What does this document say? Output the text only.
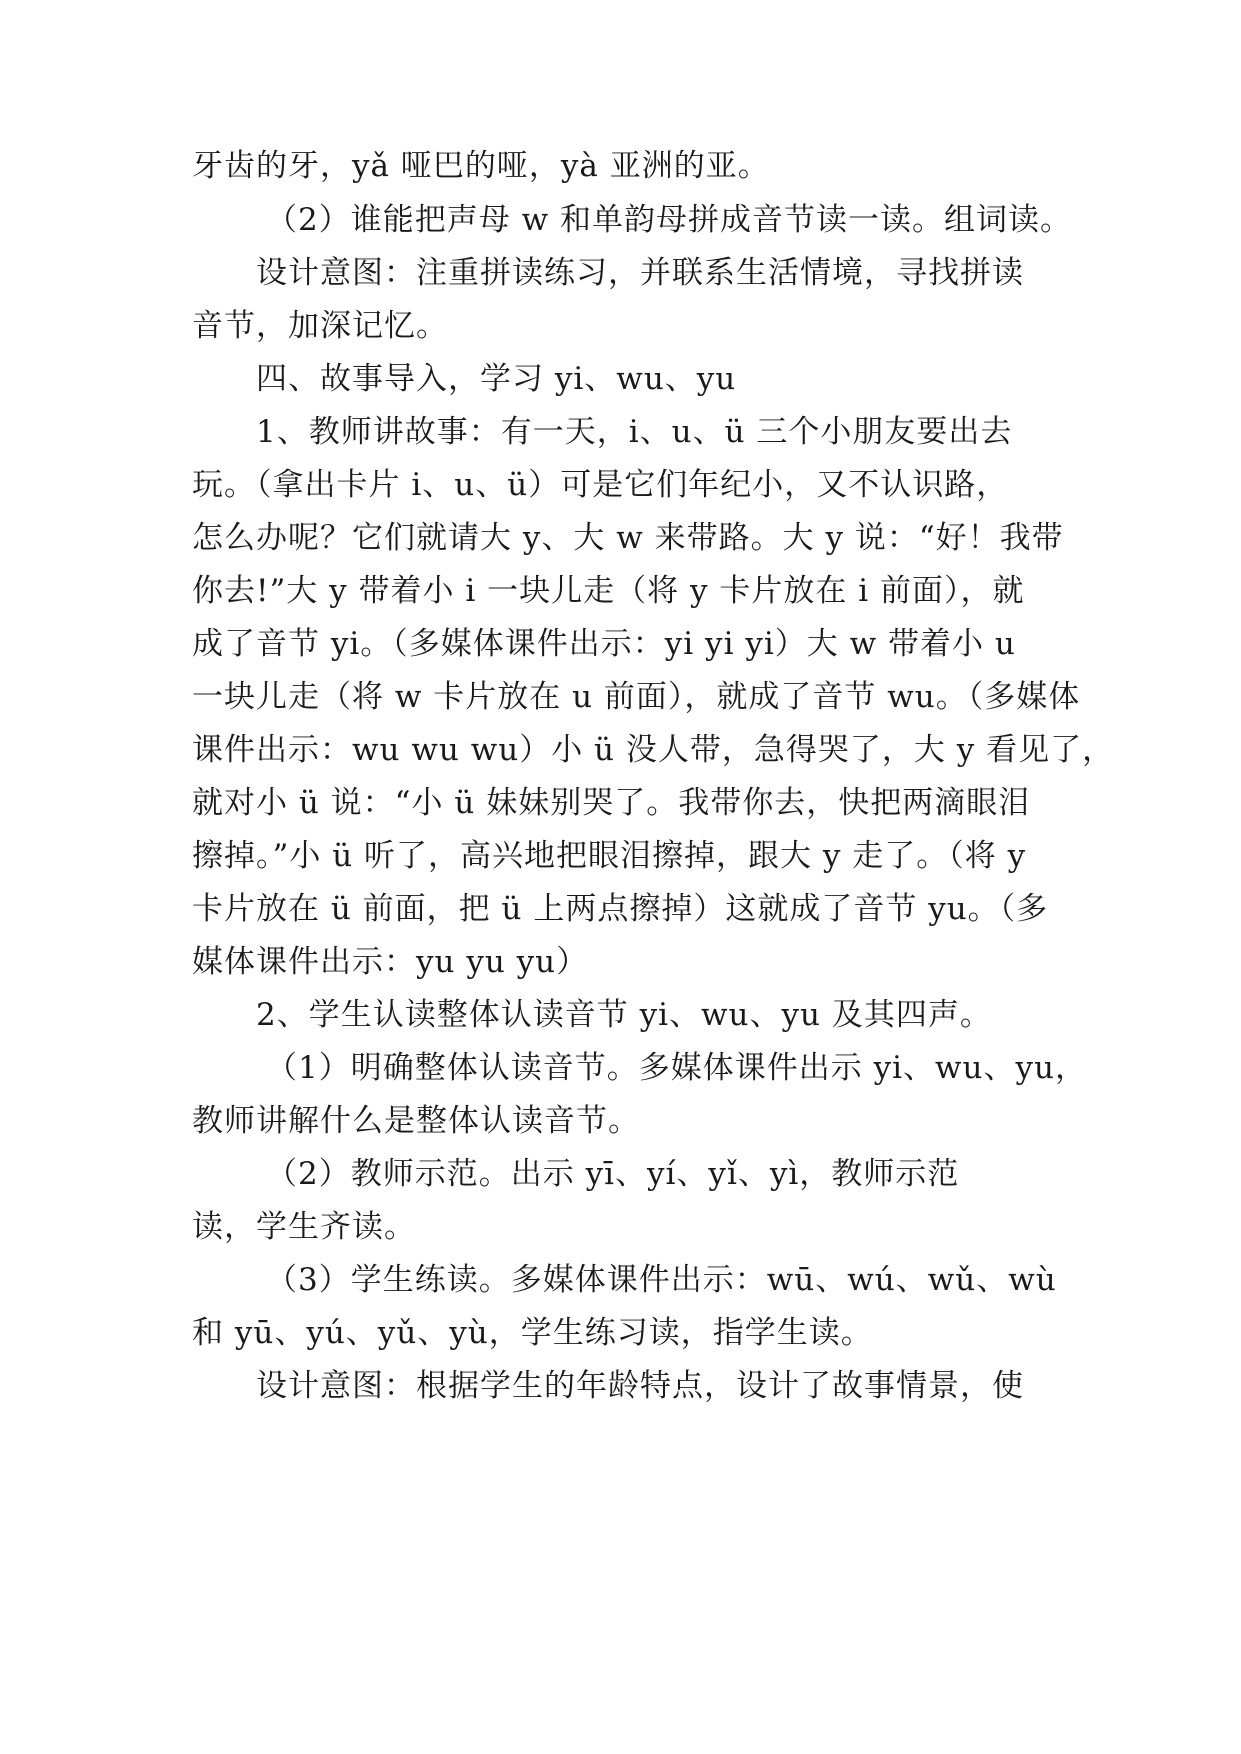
牙齿的牙，yǎ 哑巴的哑，yà 亚洲的亚。
（2）谁能把声母 w 和单韵母拼成音节读一读。组词读。
设计意图：注重拼读练习，并联系生活情境，寻找拼读
音节，加深记忆。
四、故事导入，学习 yi、wu、yu
1、教师讲故事：有一天，i、u、ü 三个小朋友要出去
玩。（拿出卡片 i、u、ü）可是它们年纪小，又不认识路，
怎么办呢？它们就请大 y、大 w 来带路。大 y 说：“好！我带
你去!”大 y 带着小 i 一块儿走（将 y 卡片放在 i 前面），就
成了音节 yi。（多媒体课件出示：yi yi yi）大 w 带着小 u
一块儿走（将 w 卡片放在 u 前面），就成了音节 wu。（多媒体
课件出示：wu wu wu）小 ü 没人带，急得哭了，大 y 看见了，
就对小 ü 说：“小 ü 妹妹别哭了。我带你去，快把两滴眼泪
擦掉。”小 ü 听了，高兴地把眼泪擦掉，跟大 y 走了。（将 y
卡片放在 ü 前面，把 ü 上两点擦掉）这就成了音节 yu。（多
媒体课件出示：yu yu yu）
2、学生认读整体认读音节 yi、wu、yu 及其四声。
（1）明确整体认读音节。多媒体课件出示 yi、wu、yu，
教师讲解什么是整体认读音节。
（2）教师示范。出示 yī、yí、yǐ、yì，教师示范
读，学生齐读。
（3）学生练读。多媒体课件出示：wū、wú、wǔ、wù
和 yū、yú、yǔ、yù，学生练习读，指学生读。
设计意图：根据学生的年龄特点，设计了故事情景，使
